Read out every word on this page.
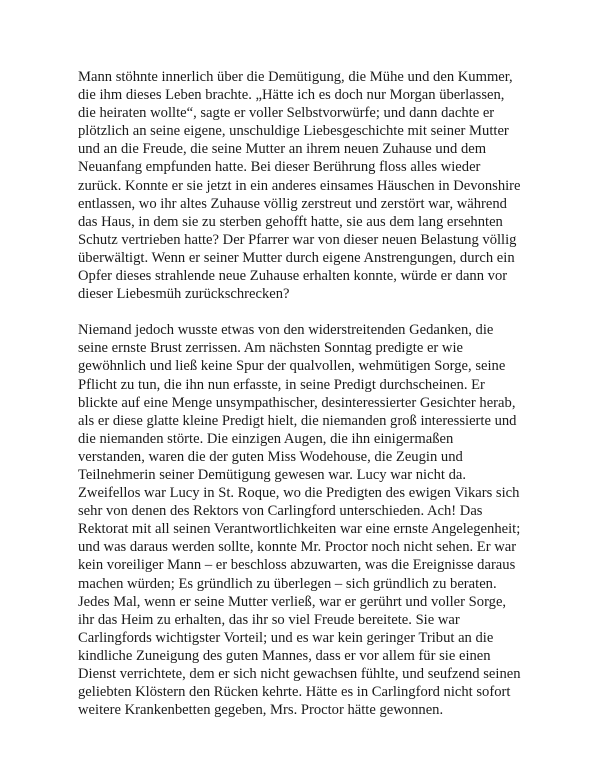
Mann stöhnte innerlich über die Demütigung, die Mühe und den Kummer,
die ihm dieses Leben brachte. „Hätte ich es doch nur Morgan überlassen,
die heiraten wollte“, sagte er voller Selbstvorwürfe; und dann dachte er
plötzlich an seine eigene, unschuldige Liebesgeschichte mit seiner Mutter
und an die Freude, die seine Mutter an ihrem neuen Zuhause und dem
Neuanfang empfunden hatte. Bei dieser Berührung floss alles wieder
zurück. Konnte er sie jetzt in ein anderes einsames Häuschen in Devonshire
entlassen, wo ihr altes Zuhause völlig zerstreut und zerstört war, während
das Haus, in dem sie zu sterben gehofft hatte, sie aus dem lang ersehnten
Schutz vertrieben hatte? Der Pfarrer war von dieser neuen Belastung völlig
überwältigt. Wenn er seiner Mutter durch eigene Anstrengungen, durch ein
Opfer dieses strahlende neue Zuhause erhalten konnte, würde er dann vor
dieser Liebesmüh zurückschrecken?

Niemand jedoch wusste etwas von den widerstreitenden Gedanken, die
seine ernste Brust zerrissen. Am nächsten Sonntag predigte er wie
gewöhnlich und ließ keine Spur der qualvollen, wehmütigen Sorge, seine
Pflicht zu tun, die ihn nun erfasste, in seine Predigt durchscheinen. Er
blickte auf eine Menge unsympathischer, desinteressierter Gesichter herab,
als er diese glatte kleine Predigt hielt, die niemanden groß interessierte und
die niemanden störte. Die einzigen Augen, die ihn einigermaßen
verstanden, waren die der guten Miss Wodehouse, die Zeugin und
Teilnehmerin seiner Demütigung gewesen war. Lucy war nicht da.
Zweifellos war Lucy in St. Roque, wo die Predigten des ewigen Vikars sich
sehr von denen des Rektors von Carlingford unterschieden. Ach! Das
Rektorat mit all seinen Verantwortlichkeiten war eine ernste Angelegenheit;
und was daraus werden sollte, konnte Mr. Proctor noch nicht sehen. Er war
kein voreiliger Mann – er beschloss abzuwarten, was die Ereignisse daraus
machen würden; Es gründlich zu überlegen – sich gründlich zu beraten.
Jedes Mal, wenn er seine Mutter verließ, war er gerührt und voller Sorge,
ihr das Heim zu erhalten, das ihr so viel Freude bereitete. Sie war
Carlingfords wichtigster Vorteil; und es war kein geringer Tribut an die
kindliche Zuneigung des guten Mannes, dass er vor allem für sie einen
Dienst verrichtete, dem er sich nicht gewachsen fühlte, und seufzend seinen
geliebten Klöstern den Rücken kehrte. Hätte es in Carlingford nicht sofort
weitere Krankenbetten gegeben, Mrs. Proctor hätte gewonnen.
